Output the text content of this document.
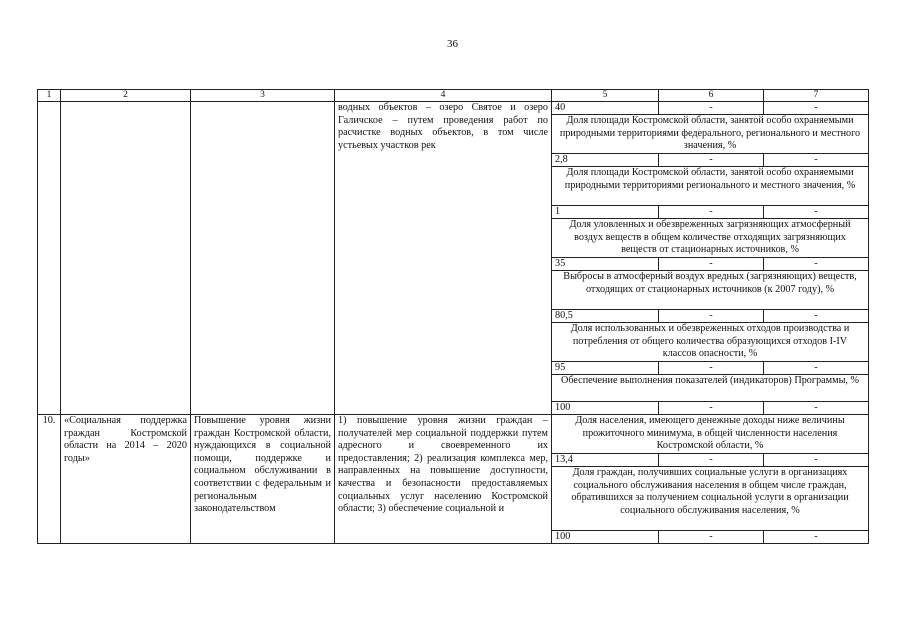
36
1	2	3	4	5	6	7
			водных объектов – озеро Святое и озеро Галичское – путем проведения работ по расчистке водных объектов, в том числе устьевых участков рек	40	-	-
				Доля площади Костромской области, занятой особо охраняемыми природными территориями федерального, регионального и местного значения, %		
				2,8	-	-
				Доля площади Костромской области, занятой особо охраняемыми природными территориями регионального и местного значения, %		
				1	-	-
				Доля уловленных и обезвреженных загрязняющих атмосферный воздух веществ в общем количестве отходящих загрязняющих веществ от стационарных источников, %		
				35	-	-
				Выбросы в атмосферный воздух вредных (загрязняющих) веществ, отходящих от стационарных источников (к 2007 году), %		
				80,5	-	-
				Доля использованных и обезвреженных отходов производства и потребления от общего количества образующихся отходов I-IV классов опасности, %		
				95	-	-
				Обеспечение выполнения показателей (индикаторов) Программы, %		
				100	-	-
10.	«Социальная поддержка граждан Костромской области на 2014 – 2020 годы»	Повышение уровня жизни граждан Костромской области, нуждающихся в социальной помощи, поддержке и социальном обслуживании в соответствии с федеральным и региональным законодательством	1) повышение уровня жизни граждан – получателей мер социальной поддержки путем адресного и своевременного их предоставления; 2) реализация комплекса мер, направленных на повышение доступности, качества и безопасности предоставляемых социальных услуг населению Костромской области; 3) обеспечение социальной и	Доля населения, имеющего денежные доходы ниже величины прожиточного минимума, в общей численности населения Костромской области, %		
				13,4	-	-
				Доля граждан, получивших социальные услуги в организациях социального обслуживания населения в общем числе граждан, обратившихся за получением социальной услуги в организации социального обслуживания населения, %		
				100	-	-
